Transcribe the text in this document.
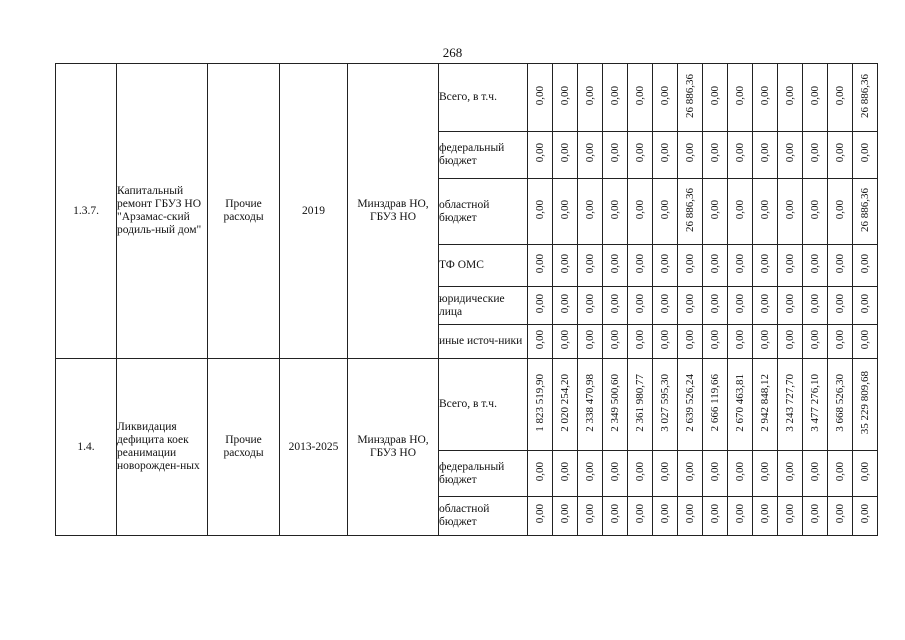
268
1.3.7.	Капитальный ремонт ГБУЗ НО "Арзамас-ский родиль-ный дом"	Прочие расходы	2019	Минздрав НО, ГБУЗ НО	Всего, в т.ч.	0,00	0,00	0,00	0,00	0,00	0,00	26 886,36	0,00	0,00	0,00	0,00	0,00	0,00	26 886,36
					федеральный бюджет	0,00	0,00	0,00	0,00	0,00	0,00	0,00	0,00	0,00	0,00	0,00	0,00	0,00	0,00
					областной бюджет	0,00	0,00	0,00	0,00	0,00	0,00	26 886,36	0,00	0,00	0,00	0,00	0,00	0,00	26 886,36
					ТФ ОМС	0,00	0,00	0,00	0,00	0,00	0,00	0,00	0,00	0,00	0,00	0,00	0,00	0,00	0,00
					юридические лица	0,00	0,00	0,00	0,00	0,00	0,00	0,00	0,00	0,00	0,00	0,00	0,00	0,00	0,00
					иные источ-ники	0,00	0,00	0,00	0,00	0,00	0,00	0,00	0,00	0,00	0,00	0,00	0,00	0,00	0,00
1.4.	Ликвидация дефицита коек реанимации новорожден-ных	Прочие расходы	2013-2025	Минздрав НО, ГБУЗ НО	Всего, в т.ч.	1 823 519,90	2 020 254,20	2 338 470,98	2 349 500,60	2 361 980,77	3 027 595,30	2 639 526,24	2 666 119,66	2 670 463,81	2 942 848,12	3 243 727,70	3 477 276,10	3 668 526,30	35 229 809,68
					федеральный бюджет	0,00	0,00	0,00	0,00	0,00	0,00	0,00	0,00	0,00	0,00	0,00	0,00	0,00	0,00
					областной бюджет	0,00	0,00	0,00	0,00	0,00	0,00	0,00	0,00	0,00	0,00	0,00	0,00	0,00	0,00
